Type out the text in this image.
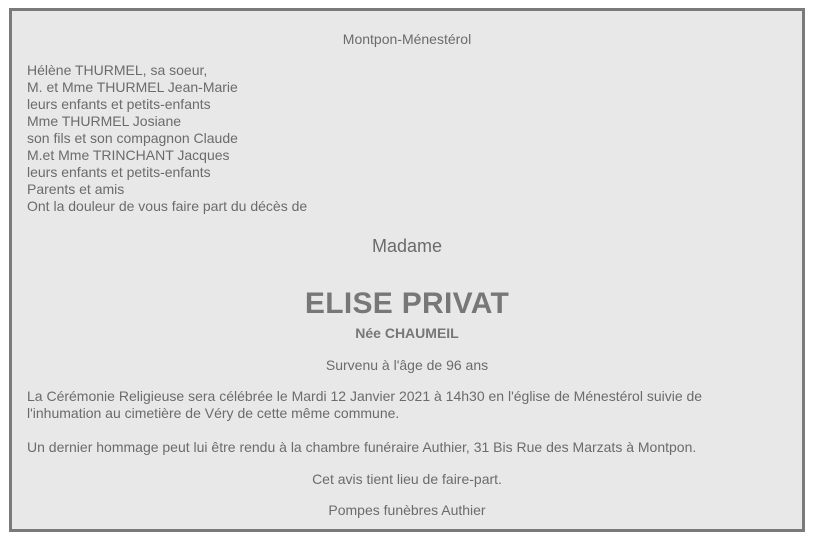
Montpon-Ménestérol
Hélène THURMEL, sa soeur,
M. et Mme THURMEL Jean-Marie
leurs enfants et petits-enfants
Mme THURMEL Josiane
son fils et son compagnon Claude
M.et Mme TRINCHANT Jacques
leurs enfants et petits-enfants
Parents et amis
Ont la douleur de vous faire part du décès de
Madame
ELISE PRIVAT
Née CHAUMEIL
Survenu à l'âge de 96 ans
La Cérémonie Religieuse sera célébrée le Mardi 12 Janvier 2021 à 14h30 en l'église de Ménestérol suivie de l'inhumation au cimetière de Véry de cette même commune.
Un dernier hommage peut lui être rendu à la chambre funéraire Authier, 31 Bis Rue des Marzats à Montpon.
Cet avis tient lieu de faire-part.
Pompes funèbres Authier
